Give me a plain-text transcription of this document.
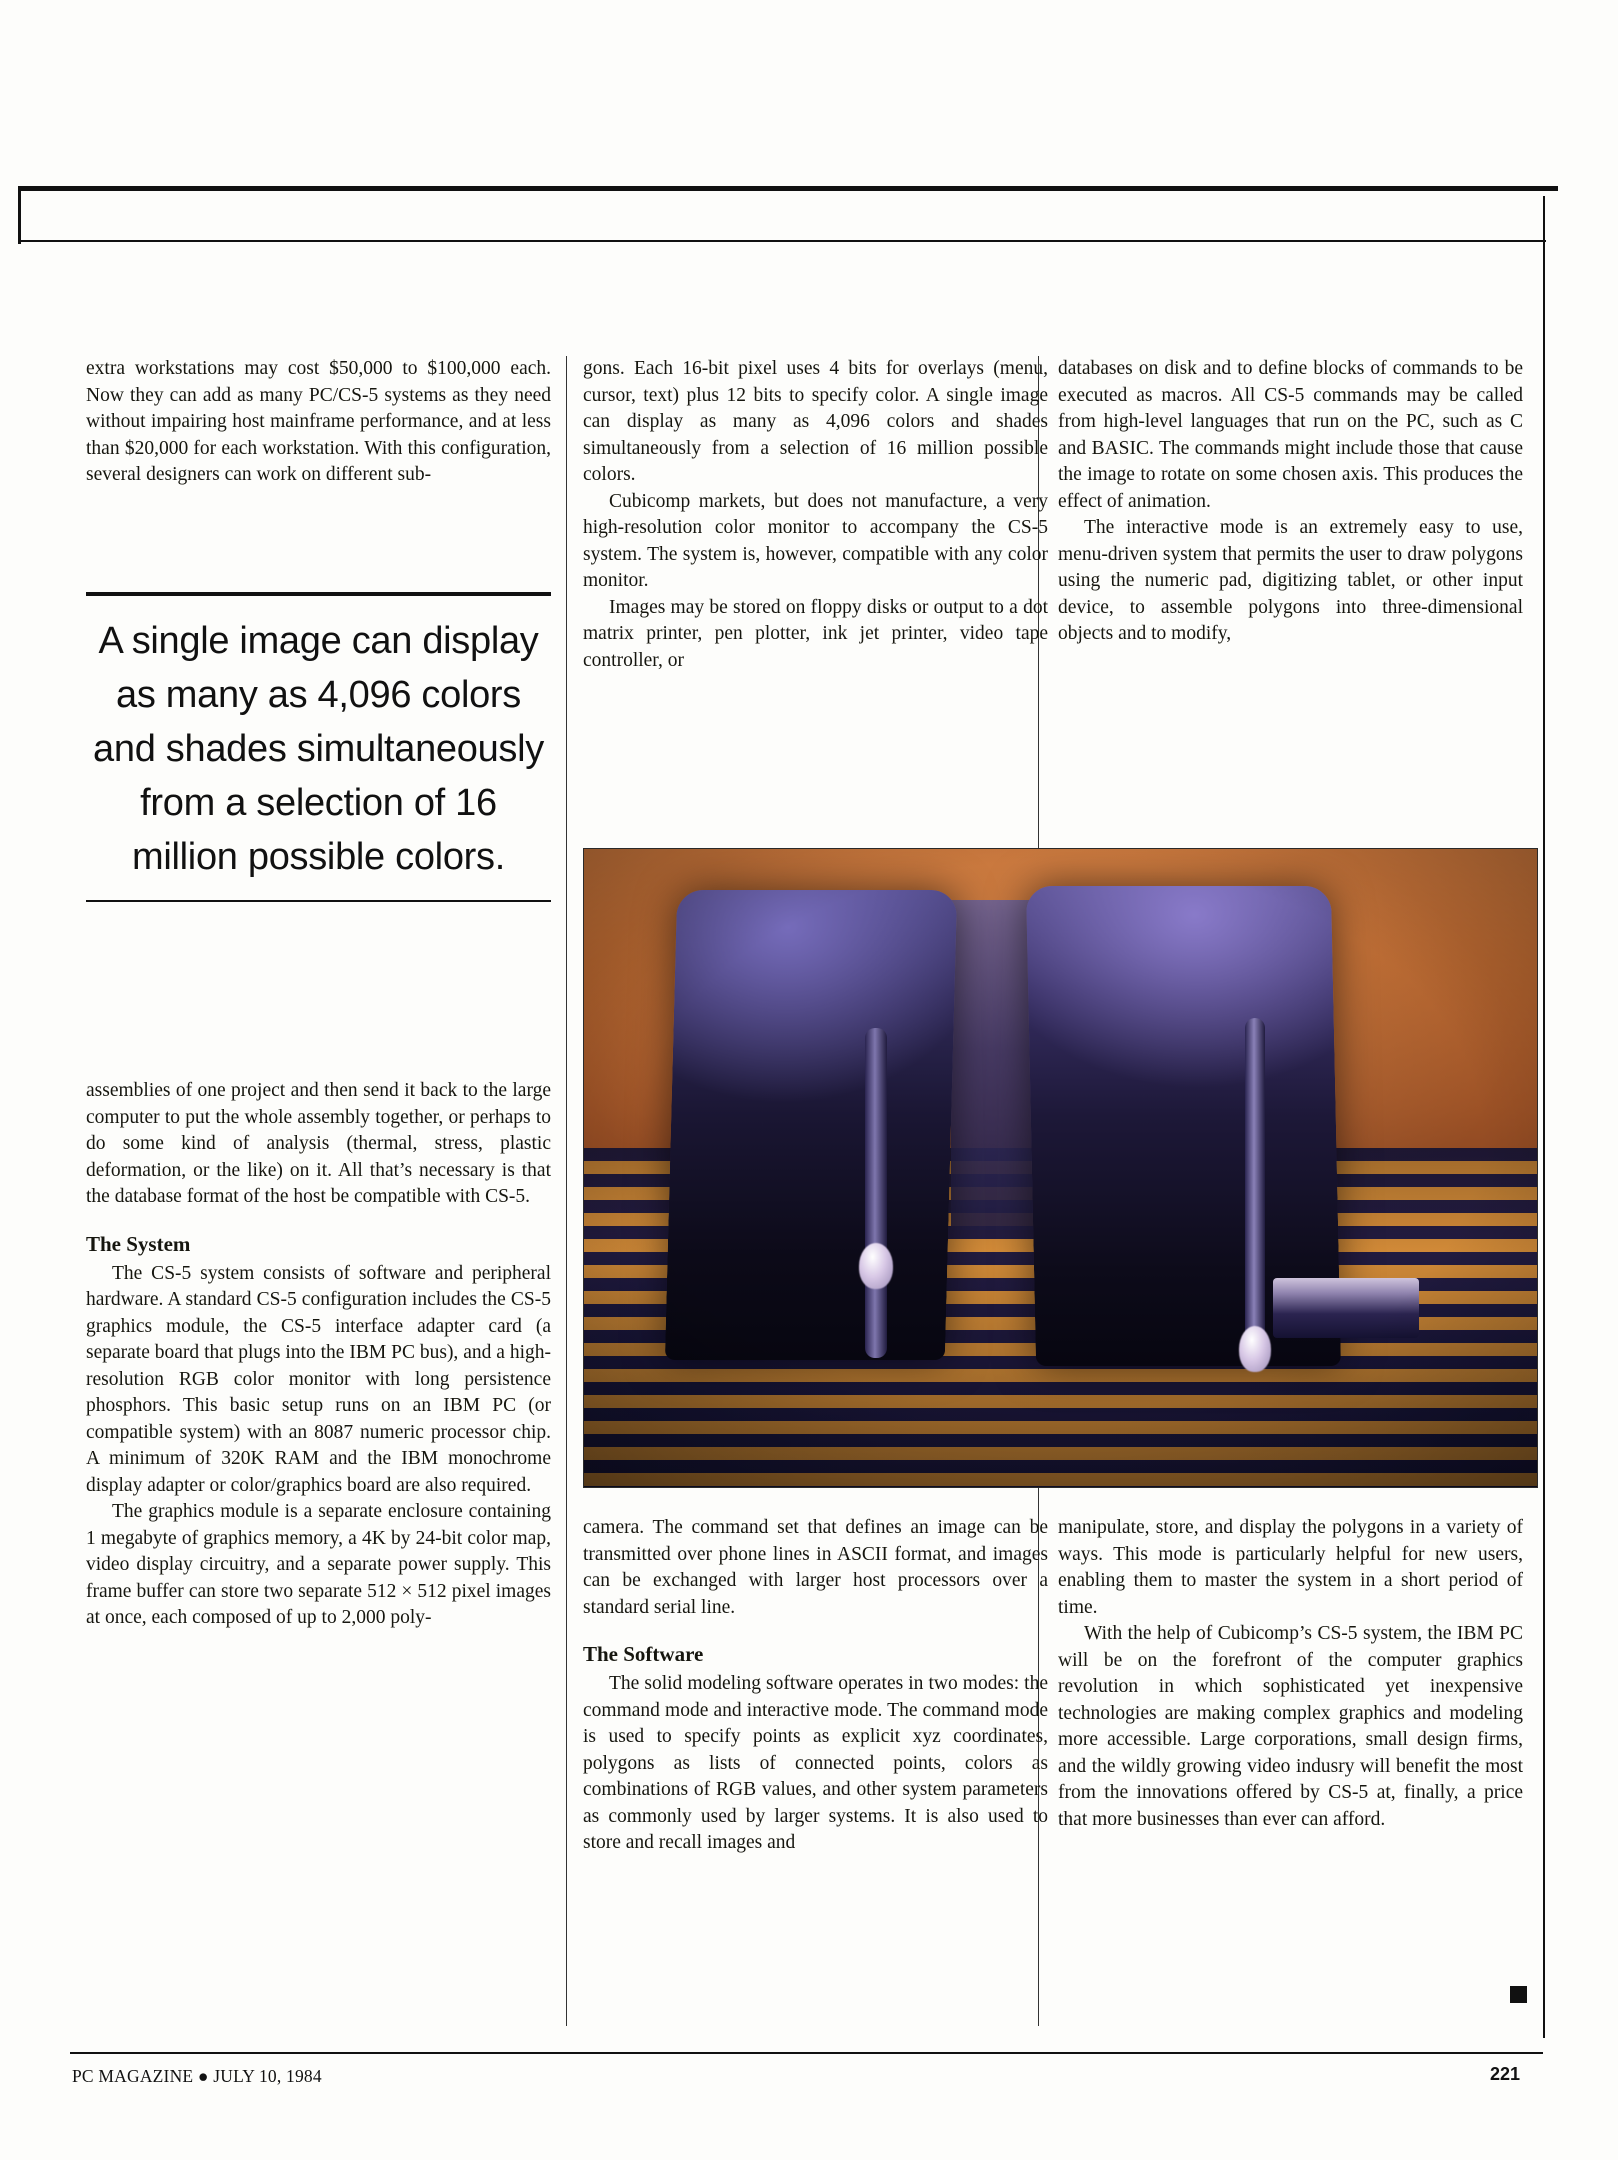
extra workstations may cost $50,000 to $100,000 each. Now they can add as many PC/CS-5 systems as they need without impairing host mainframe performance, and at less than $20,000 for each workstation. With this configuration, several designers can work on different sub-

A single image can display as many as 4,096 colors and shades simultaneously from a selection of 16 million possible colors.

assemblies of one project and then send it back to the large computer to put the whole assembly together, or perhaps to do some kind of analysis (thermal, stress, plastic deformation, or the like) on it. All that’s necessary is that the database format of the host be compatible with CS-5.

The System

The CS-5 system consists of software and peripheral hardware. A standard CS-5 configuration includes the CS-5 graphics module, the CS-5 interface adapter card (a separate board that plugs into the IBM PC bus), and a high-resolution RGB color monitor with long persistence phosphors. This basic setup runs on an IBM PC (or compatible system) with an 8087 numeric processor chip. A minimum of 320K RAM and the IBM monochrome display adapter or color/graphics board are also required.

The graphics module is a separate enclosure containing 1 megabyte of graphics memory, a 4K by 24-bit color map, video display circuitry, and a separate power supply. This frame buffer can store two separate 512 × 512 pixel images at once, each composed of up to 2,000 poly-

gons. Each 16-bit pixel uses 4 bits for overlays (menu, cursor, text) plus 12 bits to specify color. A single image can display as many as 4,096 colors and shades simultaneously from a selection of 16 million possible colors.

Cubicomp markets, but does not manufacture, a very high-resolution color monitor to accompany the CS-5 system. The system is, however, compatible with any color monitor.

Images may be stored on floppy disks or output to a dot matrix printer, pen plotter, ink jet printer, video tape controller, or

databases on disk and to define blocks of commands to be executed as macros. All CS-5 commands may be called from high-level languages that run on the PC, such as C and BASIC. The commands might include those that cause the image to rotate on some chosen axis. This produces the effect of animation.

The interactive mode is an extremely easy to use, menu-driven system that permits the user to draw polygons using the numeric pad, digitizing tablet, or other input device, to assemble polygons into three-dimensional objects and to modify,

camera. The command set that defines an image can be transmitted over phone lines in ASCII format, and images can be exchanged with larger host processors over a standard serial line.

The Software

The solid modeling software operates in two modes: the command mode and interactive mode. The command mode is used to specify points as explicit xyz coordinates, polygons as lists of connected points, colors as combinations of RGB values, and other system parameters as commonly used by larger systems. It is also used to store and recall images and

manipulate, store, and display the polygons in a variety of ways. This mode is particularly helpful for new users, enabling them to master the system in a short period of time.

With the help of Cubicomp’s CS-5 system, the IBM PC will be on the forefront of the computer graphics revolution in which sophisticated yet inexpensive technologies are making complex graphics and modeling more accessible. Large corporations, small design firms, and the wildly growing video indusry will benefit the most from the innovations offered by CS-5 at, finally, a price that more businesses than ever can afford.

PC MAGAZINE ● JULY 10, 1984	221
